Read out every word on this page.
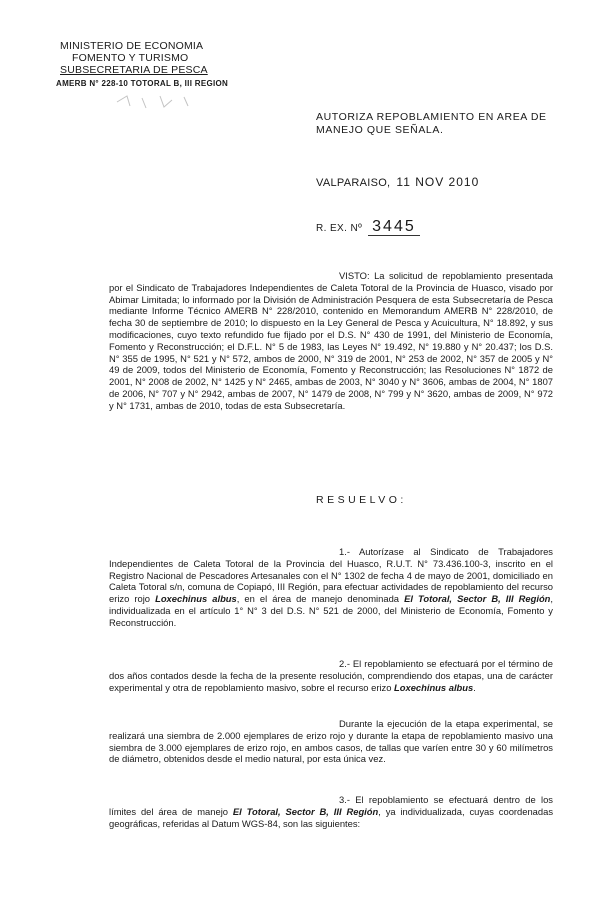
MINISTERIO DE ECONOMIA
FOMENTO Y TURISMO
SUBSECRETARIA DE PESCA
AMERB N° 228-10 TOTORAL B, III REGION
AUTORIZA REPOBLAMIENTO EN AREA DE MANEJO QUE SEÑALA.
VALPARAISO, 11 NOV 2010
R. EX. Nº 3445

VISTO: La solicitud de repoblamiento presentada por el Sindicato de Trabajadores Independientes de Caleta Totoral de la Provincia de Huasco, visado por Abimar Limitada; lo informado por la División de Administración Pesquera de esta Subsecretaría de Pesca mediante Informe Técnico AMERB N° 228/2010, contenido en Memorandum AMERB N° 228/2010, de fecha 30 de septiembre de 2010; lo dispuesto en la Ley General de Pesca y Acuicultura, N° 18.892, y sus modificaciones, cuyo texto refundido fue fijado por el D.S. N° 430 de 1991, del Ministerio de Economía, Fomento y Reconstrucción; el D.F.L. N° 5 de 1983, las Leyes N° 19.492, N° 19.880 y N° 20.437; los D.S. N° 355 de 1995, N° 521 y N° 572, ambos de 2000, N° 319 de 2001, N° 253 de 2002, N° 357 de 2005 y N° 49 de 2009, todos del Ministerio de Economía, Fomento y Reconstrucción; las Resoluciones N° 1872 de 2001, N° 2008 de 2002, N° 1425 y N° 2465, ambas de 2003, N° 3040 y N° 3606, ambas de 2004, N° 1807 de 2006, N° 707 y N° 2942, ambas de 2007, N° 1479 de 2008, N° 799 y N° 3620, ambas de 2009, N° 972 y N° 1731, ambas de 2010, todas de esta Subsecretaría.

RESUELVO:

1.- Autorízase al Sindicato de Trabajadores Independientes de Caleta Totoral de la Provincia del Huasco, R.U.T. N° 73.436.100-3, inscrito en el Registro Nacional de Pescadores Artesanales con el N° 1302 de fecha 4 de mayo de 2001, domiciliado en Caleta Totoral s/n, comuna de Copiapó, III Región, para efectuar actividades de repoblamiento del recurso erizo rojo Loxechinus albus, en el área de manejo denominada El Totoral, Sector B, III Región, individualizada en el artículo 1° N° 3 del D.S. N° 521 de 2000, del Ministerio de Economía, Fomento y Reconstrucción.

2.- El repoblamiento se efectuará por el término de dos años contados desde la fecha de la presente resolución, comprendiendo dos etapas, una de carácter experimental y otra de repoblamiento masivo, sobre el recurso erizo Loxechinus albus.

Durante la ejecución de la etapa experimental, se realizará una siembra de 2.000 ejemplares de erizo rojo y durante la etapa de repoblamiento masivo una siembra de 3.000 ejemplares de erizo rojo, en ambos casos, de tallas que varíen entre 30 y 60 milímetros de diámetro, obtenidos desde el medio natural, por esta única vez.

3.- El repoblamiento se efectuará dentro de los límites del área de manejo El Totoral, Sector B, III Región, ya individualizada, cuyas coordenadas geográficas, referidas al Datum WGS-84, son las siguientes:
